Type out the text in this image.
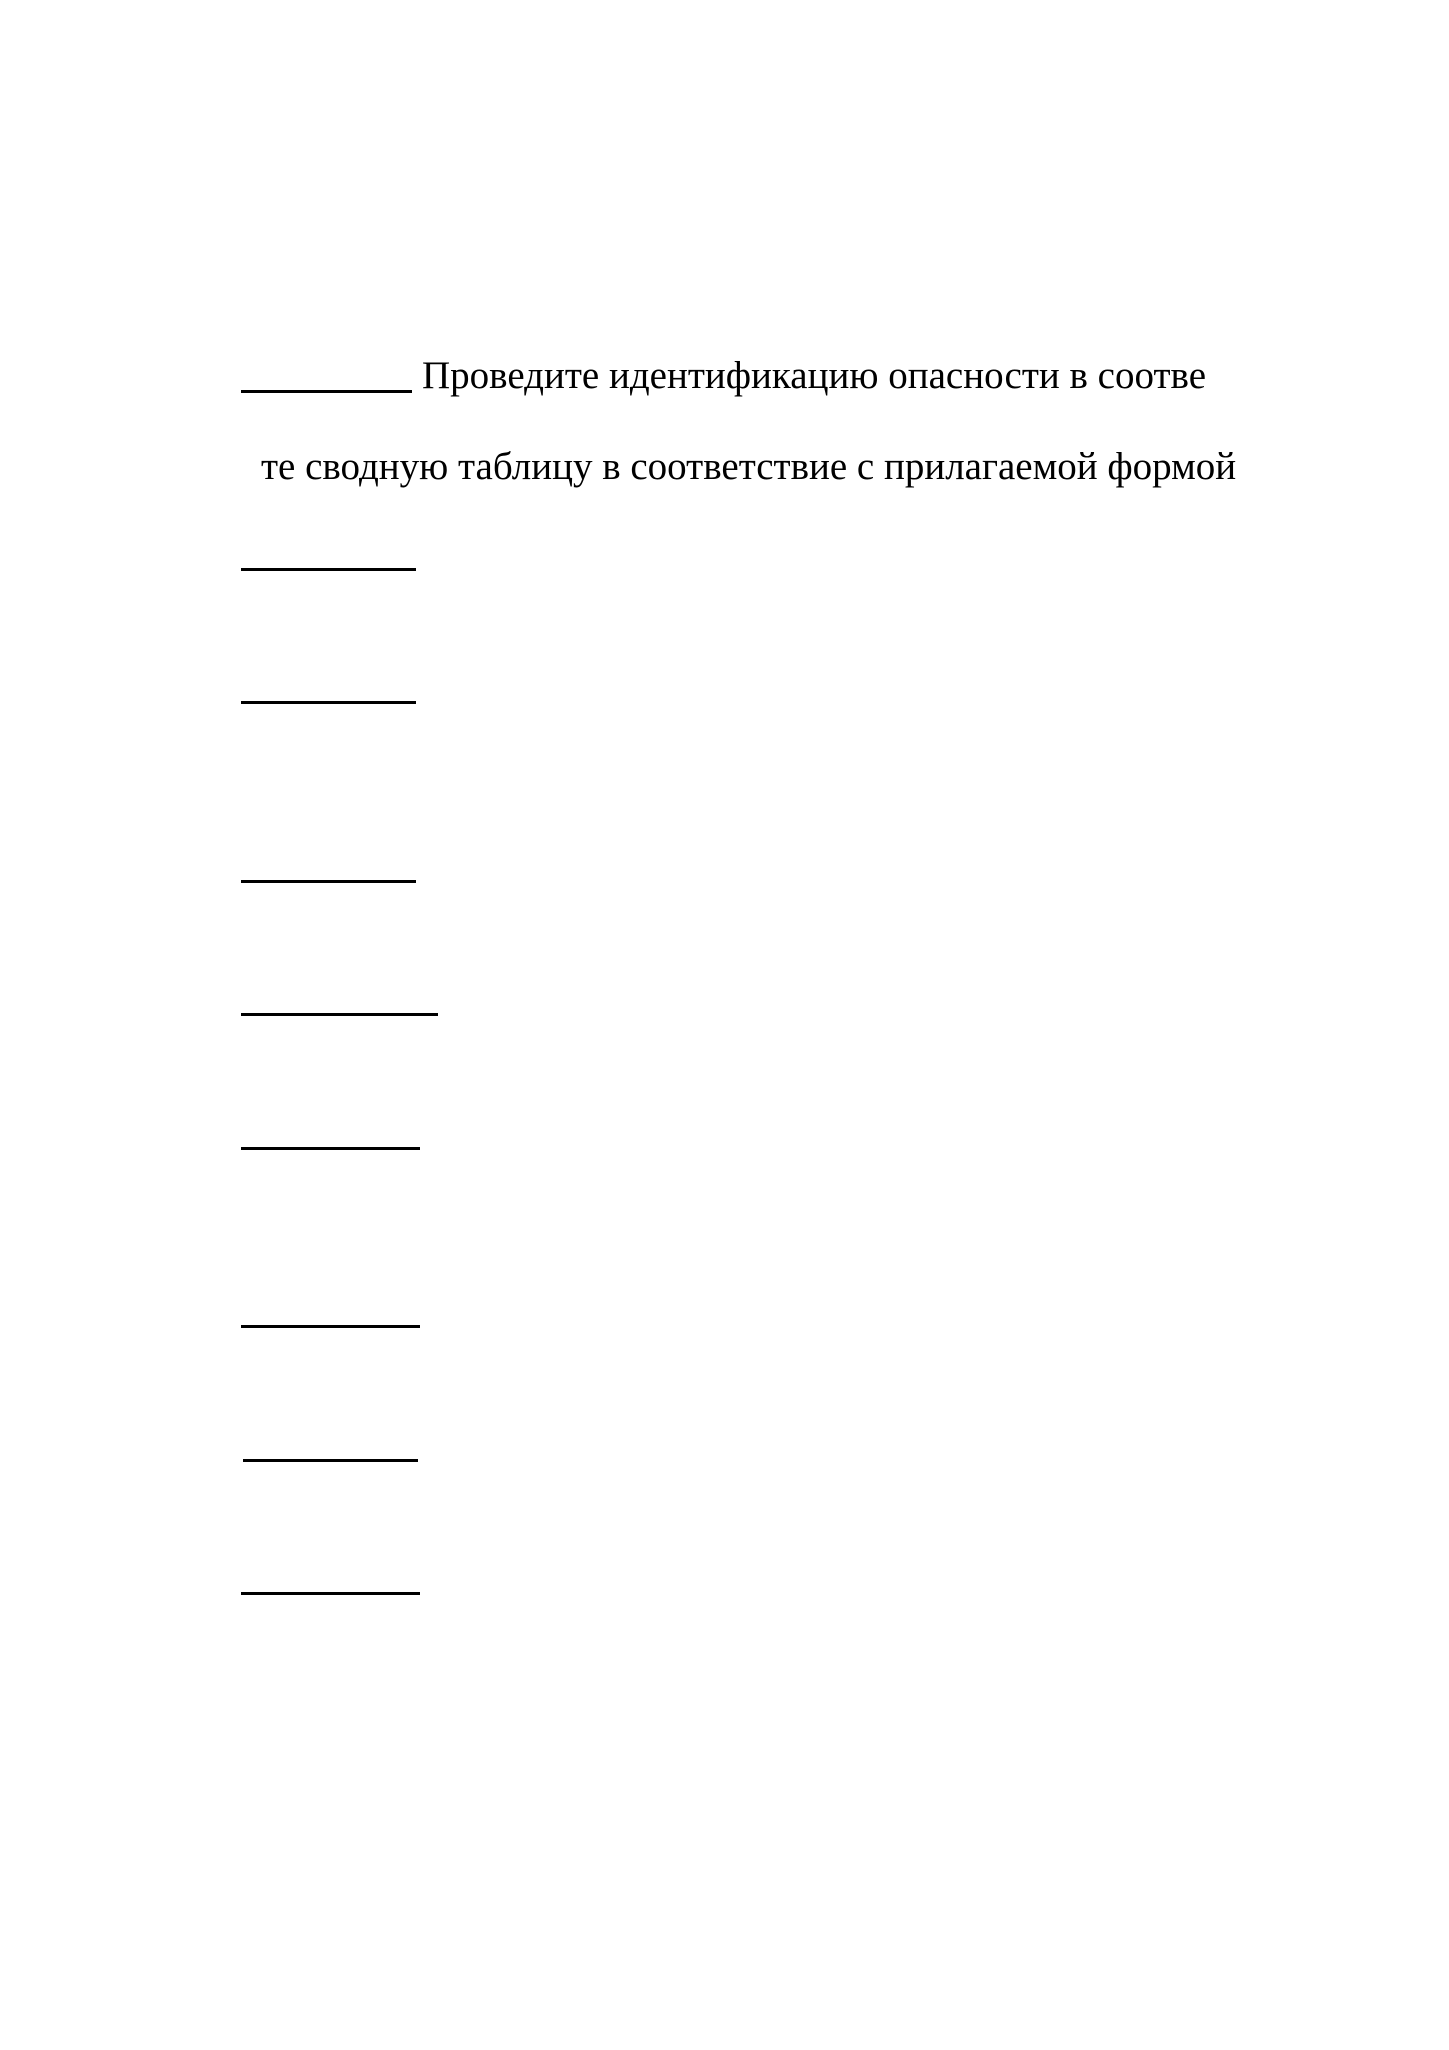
Проведите идентификацию опасности в соотве
те сводную таблицу в соответствие с прилагаемой формой
